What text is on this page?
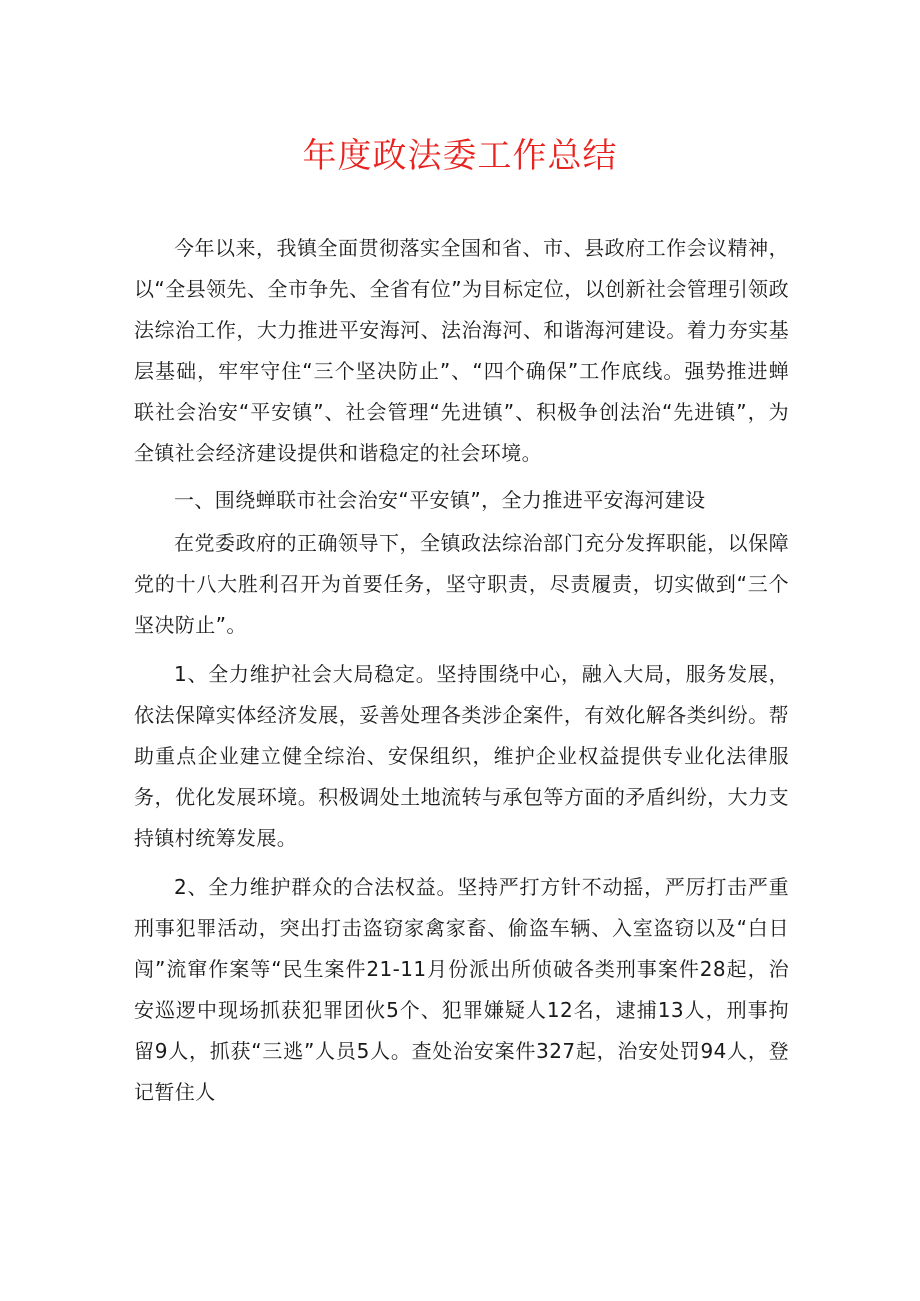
年度政法委工作总结

今年以来，我镇全面贯彻落实全国和省、市、县政府工作会议精神，以“全县领先、全市争先、全省有位”为目标定位，以创新社会管理引领政法综治工作，大力推进平安海河、法治海河、和谐海河建设。着力夯实基层基础，牢牢守住“三个坚决防止”、“四个确保”工作底线。强势推进蝉联社会治安“平安镇”、社会管理“先进镇”、积极争创法治“先进镇”，为全镇社会经济建设提供和谐稳定的社会环境。

一、围绕蝉联市社会治安“平安镇”，全力推进平安海河建设

在党委政府的正确领导下，全镇政法综治部门充分发挥职能，以保障党的十八大胜利召开为首要任务，坚守职责，尽责履责，切实做到“三个坚决防止”。

1、全力维护社会大局稳定。坚持围绕中心，融入大局，服务发展，依法保障实体经济发展，妥善处理各类涉企案件，有效化解各类纠纷。帮助重点企业建立健全综治、安保组织，维护企业权益提供专业化法律服务，优化发展环境。积极调处土地流转与承包等方面的矛盾纠纷，大力支持镇村统筹发展。

2、全力维护群众的合法权益。坚持严打方针不动摇，严厉打击严重刑事犯罪活动，突出打击盗窃家禽家畜、偷盗车辆、入室盗窃以及“白日闯”流窜作案等“民生案件21-11月份派出所侦破各类刑事案件28起，治安巡逻中现场抓获犯罪团伙5个、犯罪嫌疑人12名，逮捕13人，刑事拘留9人，抓获“三逃”人员5人。查处治安案件327起，治安处罚94人，登记暂住人
